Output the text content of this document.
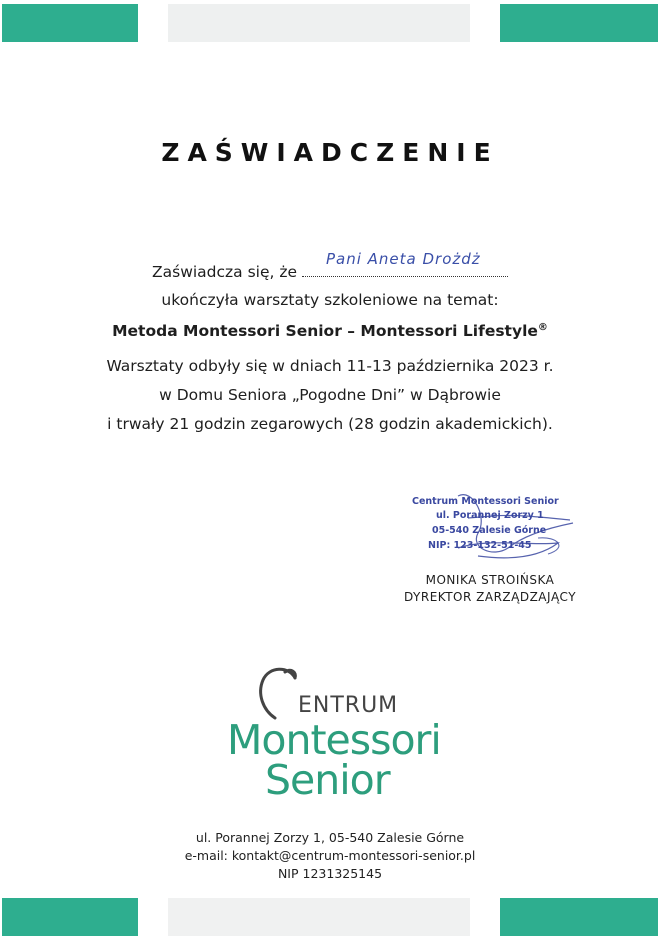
ZAŚWIADCZENIE
Zaświadcza się, że
Pani Aneta Drożdż
ukończyła warsztaty szkoleniowe na temat:
Metoda Montessori Senior – Montessori Lifestyle®
Warsztaty odbyły się w dniach 11-13 października 2023 r.
w Domu Seniora „Pogodne Dni” w Dąbrowie
i trwały 21 godzin zegarowych (28 godzin akademickich).
Centrum Montessori Senior
ul. Porannej Zorzy 1
05-540 Zalesie Górne
NIP: 123-132-51-45
MONIKA STROIŃSKA
DYREKTOR ZARZĄDZAJĄCY
ENTRUM
Montessori
Senior
ul. Porannej Zorzy 1, 05-540 Zalesie Górne
e-mail: kontakt@centrum-montessori-senior.pl
NIP 1231325145
